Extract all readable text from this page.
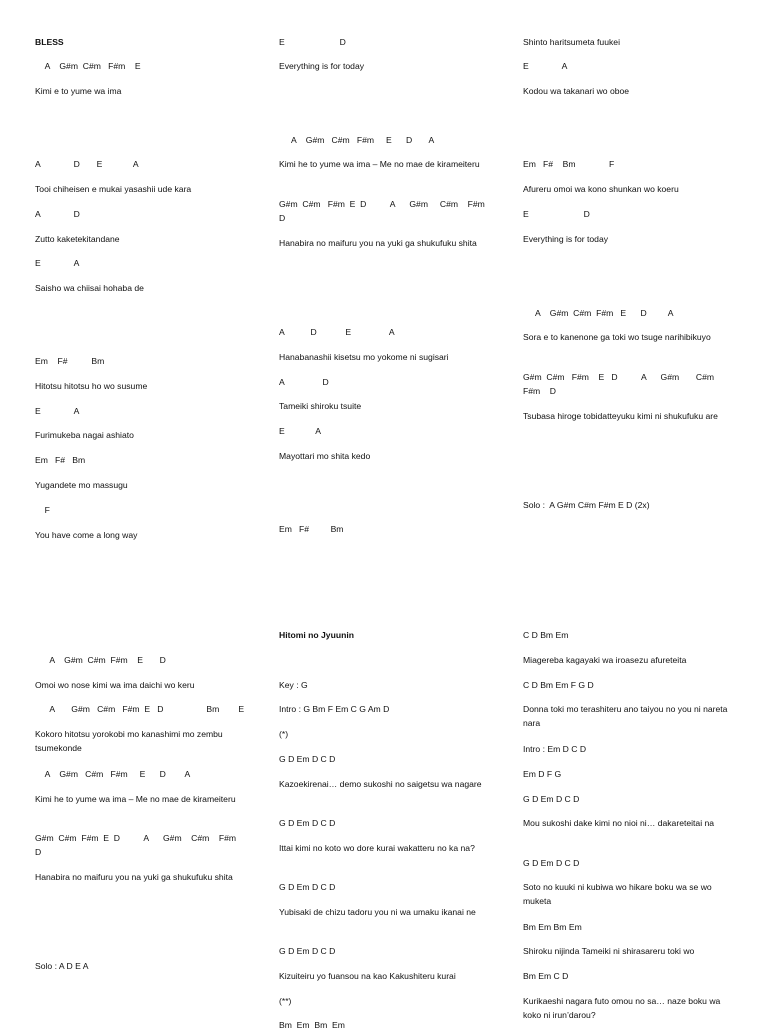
BLESS
A    G#m  C#m   F#m    E
Kimi e to yume wa ima
A              D       E             A
Tooi chiheisen e mukai yasashii ude kara
A              D
Zutto kaketekitandane
E              A
Saisho wa chiisai hohaba de
Em    F#          Bm
Hitotsu hitotsu ho wo susume
E              A
Furimukeba nagai ashiato
Em   F#   Bm
Yugandete mo massugu
F
You have come a long way
A    G#m  C#m  F#m    E       D
Omoi wo nose kimi wa ima daichi wo keru
A       G#m   C#m   F#m  E   D                  Bm        E
Kokoro hitotsu yorokobi mo kanashimi mo zembu tsumekonde
A    G#m   C#m   F#m     E      D        A
Kimi he to yume wa ima – Me no mae de kirameiteru
G#m  C#m  F#m  E  D          A      G#m    C#m    F#m    D
Hanabira no maifuru you na yuki ga shukufuku shita
Solo : A D E A
E                       D
Everything is for today
A    G#m   C#m   F#m     E      D       A
Kimi he to yume wa ima – Me no mae de kirameiteru
G#m  C#m   F#m  E  D          A      G#m     C#m    F#m   D
Hanabira no maifuru you na yuki ga shukufuku shita
A           D            E                A
Hanabanashii kisetsu mo yokome ni sugisari
A                D
Tameiki shiroku tsuite
E             A
Mayottari mo shita kedo
Em   F#         Bm
Hitomi no Jyuunin
Key : G
Intro : G Bm F Em C G Am D
(*)
G D Em D C D
Kazoekirenai… demo sukoshi no saigetsu wa nagare
G D Em D C D
Ittai kimi no koto wo dore kurai wakatteru no ka na?
G D Em D C D
Yubisaki de chizu tadoru you ni wa umaku ikanai ne
G D Em D C D
Kizuiteiru yo fuansou na kao Kakushiteru kurai
(**)
Bm  Em  Bm  Em
Shinto haritsumeta fuukei
E              A
Kodou wa takanari wo oboe
Em   F#    Bm              F
Afureru omoi wa kono shunkan wo koeru
E                       D
Everything is for today
A    G#m  C#m  F#m   E      D         A
Sora e to kanenone ga toki wo tsuge narihibikuyo
G#m  C#m   F#m    E   D          A      G#m       C#m    F#m    D
Tsubasa hiroge tobidatteyuku kimi ni shukufuku are
Solo :  A G#m C#m F#m E D (2x)
C D Bm Em
Miagereba kagayaki wa iroasezu afureteita
C D Bm Em F G D
Donna toki mo terashiteru ano taiyou no you ni nareta nara
Intro : Em D C D
Em D F G
G D Em D C D
Mou sukoshi dake kimi no nioi ni… dakareteitai na
G D Em D C D
Soto no kuuki ni kubiwa wo hikare boku wa se wo muketa
Bm Em Bm Em
Shiroku nijinda Tameiki ni shirasareru toki wo
Bm Em C D
Kurikaeshi nagara futo omou no sa… naze boku wa koko ni irun’darou?
